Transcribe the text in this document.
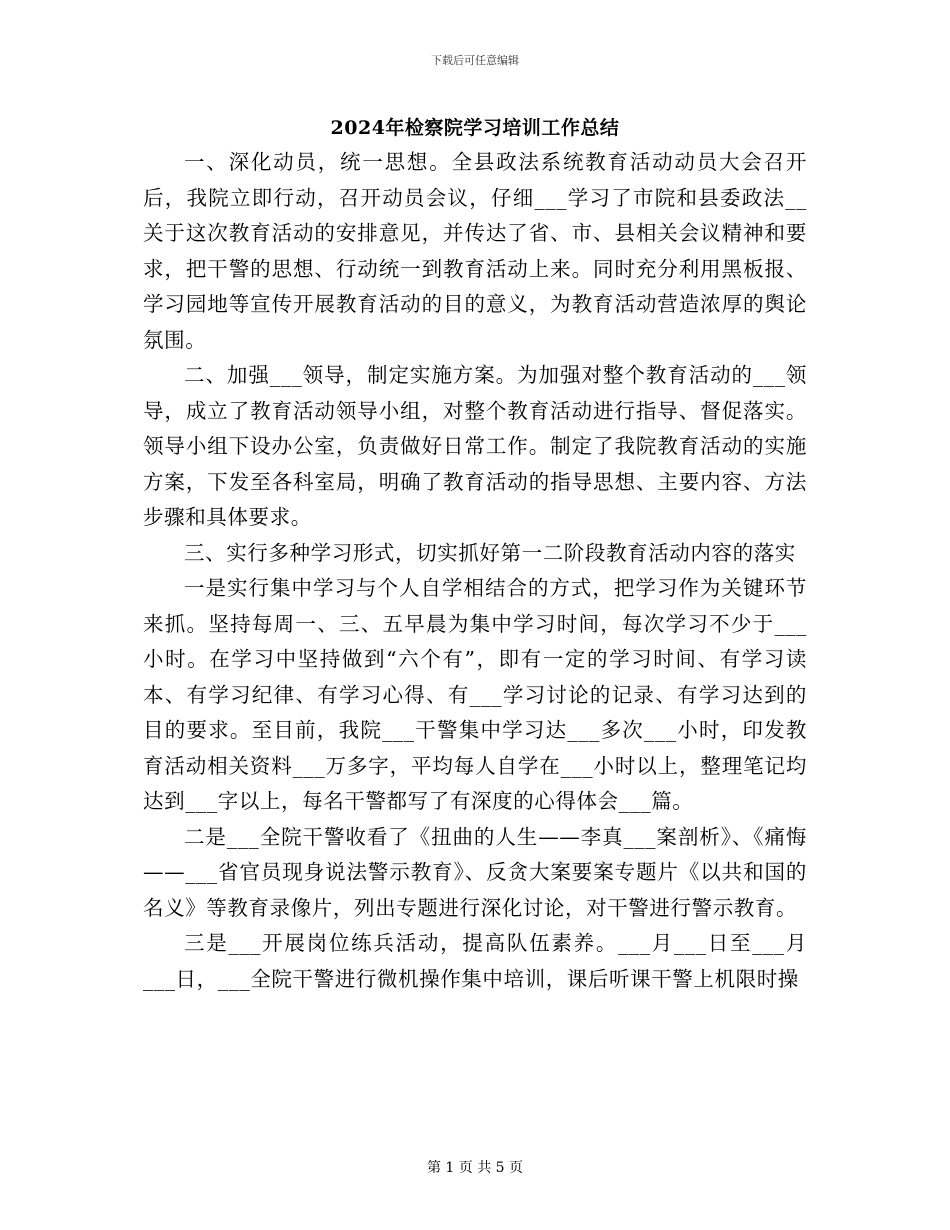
下载后可任意编辑
2024年检察院学习培训工作总结

一、深化动员，统一思想。全县政法系统教育活动动员大会召开后，我院立即行动，召开动员会议，仔细___学习了市院和县委政法__关于这次教育活动的安排意见，并传达了省、市、县相关会议精神和要求，把干警的思想、行动统一到教育活动上来。同时充分利用黑板报、学习园地等宣传开展教育活动的目的意义，为教育活动营造浓厚的舆论氛围。

二、加强___领导，制定实施方案。为加强对整个教育活动的___领导，成立了教育活动领导小组，对整个教育活动进行指导、督促落实。领导小组下设办公室，负责做好日常工作。制定了我院教育活动的实施方案，下发至各科室局，明确了教育活动的指导思想、主要内容、方法步骤和具体要求。

三、实行多种学习形式，切实抓好第一二阶段教育活动内容的落实

一是实行集中学习与个人自学相结合的方式，把学习作为关键环节来抓。坚持每周一、三、五早晨为集中学习时间，每次学习不少于___小时。在学习中坚持做到“六个有”，即有一定的学习时间、有学习读本、有学习纪律、有学习心得、有___学习讨论的记录、有学习达到的目的要求。至目前，我院___干警集中学习达___多次___小时，印发教育活动相关资料___万多字，平均每人自学在___小时以上，整理笔记均达到___字以上，每名干警都写了有深度的心得体会___篇。

二是___全院干警收看了《扭曲的人生——李真___案剖析》、《痛悔——___省官员现身说法警示教育》、反贪大案要案专题片《以共和国的名义》等教育录像片，列出专题进行深化讨论，对干警进行警示教育。

三是___开展岗位练兵活动，提高队伍素养。___月___日至___月___日，___全院干警进行微机操作集中培训，课后听课干警上机限时操

第 1 页 共 5 页
